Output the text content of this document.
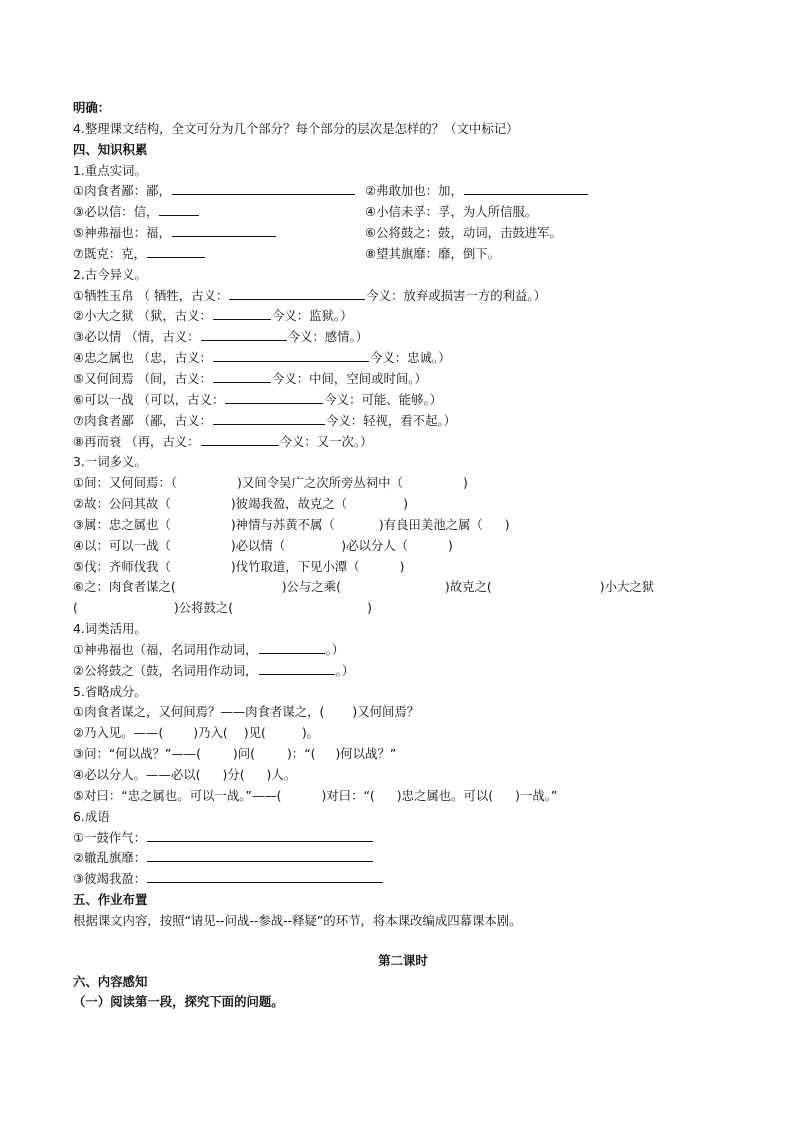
明确：
4.整理课文结构，全文可分为几个部分？每个部分的层次是怎样的？（文中标记）
四、知识积累
1.重点实词。
①肉食者鄙：鄙，	②弗敢加也：加，
③必以信：信，	④小信未孚：孚，为人所信服。
⑤神弗福也：福，	⑥公将鼓之：鼓，动词，击鼓进军。
⑦既克：克，	⑧望其旗靡：靡，倒下。
2.古今异义。
①牺牲玉帛 （ 牺牲，古义：	今义：放弃或损害一方的利益。）
②小大之狱 （狱，古义：	今义：监狱。）
③必以情 （情，古义：	今义：感情。）
④忠之属也 （忠，古义：	今义：忠诚。）
⑤又何间焉 （间，古义：	今义：中间，空间或时间。）
⑥可以一战 （可以，古义：	今义：可能、能够。）
⑦肉食者鄙 （鄙，古义：	今义：轻视，看不起。）
⑧再而衰 （再，古义：	今义：又一次。）
3.一词多义。
①间：又何间焉：（	)又间令吴广之次所旁丛祠中（	)
②故：公问其故（	)彼竭我盈，故克之（	)
③属：忠之属也（	)神情与苏黄不属（	)有良田美池之属（ )
④以：可以一战（	)必以情（	)必以分人（	)
⑤伐：齐师伐我（	)伐竹取道，下见小潭（	)
⑥之：肉食者谋之(	)公与之乘(	)故克之(	)小大之狱
(	)公将鼓之(	)
4.词类活用。
①神弗福也（福，名词用作动词，	。）
②公将鼓之（鼓，名词用作动词，	。）
5.省略成分。
①肉食者谋之，又何间焉？——肉食者谋之，( )又何间焉？
②乃入见。——( )乃入( )见(	)。
③问：“何以战？”——(	)问(	)：“( )何以战？”
④必以分人。——必以( )分( )人。
⑤对曰：“忠之属也。可以一战。”——(	)对曰：“( )忠之属也。可以( )一战。”
6.成语
①一鼓作气：
②辙乱旗靡：
③彼竭我盈：
五、作业布置
根据课文内容，按照“请见--问战--参战--释疑”的环节，将本课改编成四幕课本剧。
第二课时
六、内容感知
（一）阅读第一段，探究下面的问题。
